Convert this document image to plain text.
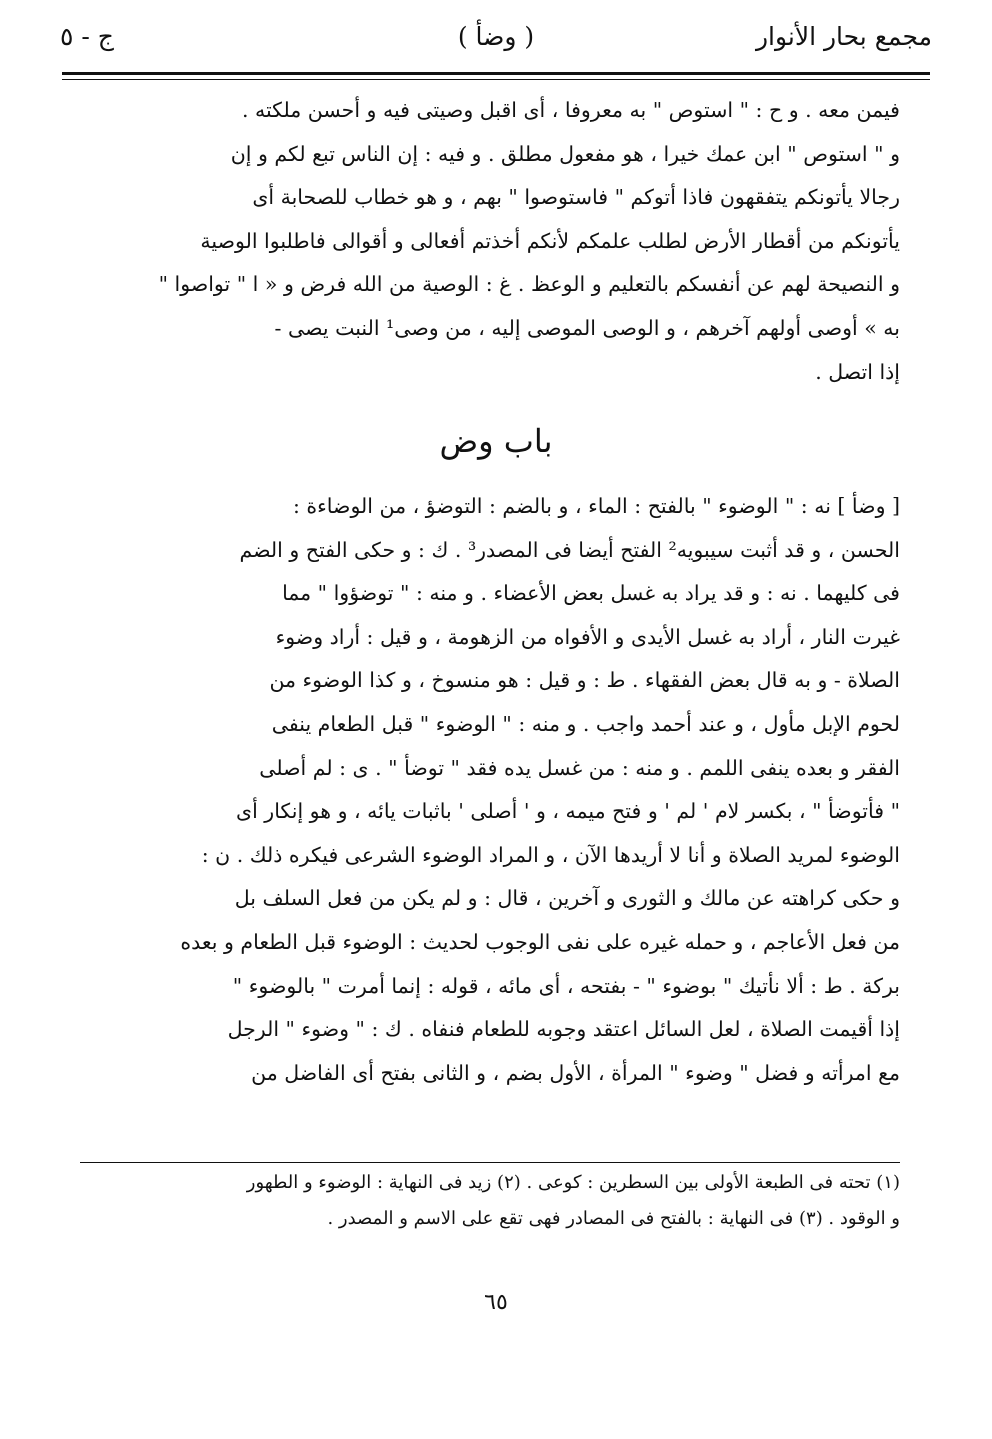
مجمع بحار الأنوار
( وضأ )
ج - ٥
فيمن معه . و ح : " استوص " به معروفا ، أى اقبل وصيتى فيه و أحسن ملكته .
و " استوص " ابن عمك خيرا ، هو مفعول مطلق . و فيه : إن الناس تبع لكم و إن
رجالا يأتونكم يتفقهون فاذا أتوكم " فاستوصوا " بهم ، و هو خطاب للصحابة أى
يأتونكم من أقطار الأرض لطلب علمكم لأنكم أخذتم أفعالى و أقوالى فاطلبوا الوصية
و النصيحة لهم عن أنفسكم بالتعليم و الوعظ . غ : الوصية من الله فرض و « ا " تواصوا "
به » أوصى أولهم آخرهم ، و الوصى الموصى إليه ، من وصى¹ النبت يصى -
إذا اتصل .
باب وض
[ وضأ ] نه : " الوضوء " بالفتح : الماء ، و بالضم : التوضؤ ، من الوضاءة :
الحسن ، و قد أثبت سيبويه² الفتح أيضا فى المصدر³ . ك : و حكى الفتح و الضم
فى كليهما . نه : و قد يراد به غسل بعض الأعضاء . و منه : " توضؤوا " مما
غيرت النار ، أراد به غسل الأيدى و الأفواه من الزهومة ، و قيل : أراد وضوء
الصلاة - و به قال بعض الفقهاء . ط : و قيل : هو منسوخ ، و كذا الوضوء من
لحوم الإبل مأول ، و عند أحمد واجب . و منه : " الوضوء " قبل الطعام ينفى
الفقر و بعده ينفى اللمم . و منه : من غسل يده فقد " توضأ " . ى : لم أصلى
" فأتوضأ " ، بكسر لام ' لم ' و فتح ميمه ، و ' أصلى ' باثبات يائه ، و هو إنكار أى
الوضوء لمريد الصلاة و أنا لا أريدها الآن ، و المراد الوضوء الشرعى فيكره ذلك . ن :
و حكى كراهته عن مالك و الثورى و آخرين ، قال : و لم يكن من فعل السلف بل
من فعل الأعاجم ، و حمله غيره على نفى الوجوب لحديث : الوضوء قبل الطعام و بعده
بركة . ط : ألا نأتيك " بوضوء " - بفتحه ، أى مائه ، قوله : إنما أمرت " بالوضوء "
إذا أقيمت الصلاة ، لعل السائل اعتقد وجوبه للطعام فنفاه . ك : " وضوء " الرجل
مع امرأته و فضل " وضوء " المرأة ، الأول بضم ، و الثانى بفتح أى الفاضل من
(١) تحته فى الطبعة الأولى بين السطرين : كوعى . (٢) زيد فى النهاية : الوضوء و الطهور
و الوقود . (٣) فى النهاية : بالفتح فى المصادر فهى تقع على الاسم و المصدر .
٦٥
